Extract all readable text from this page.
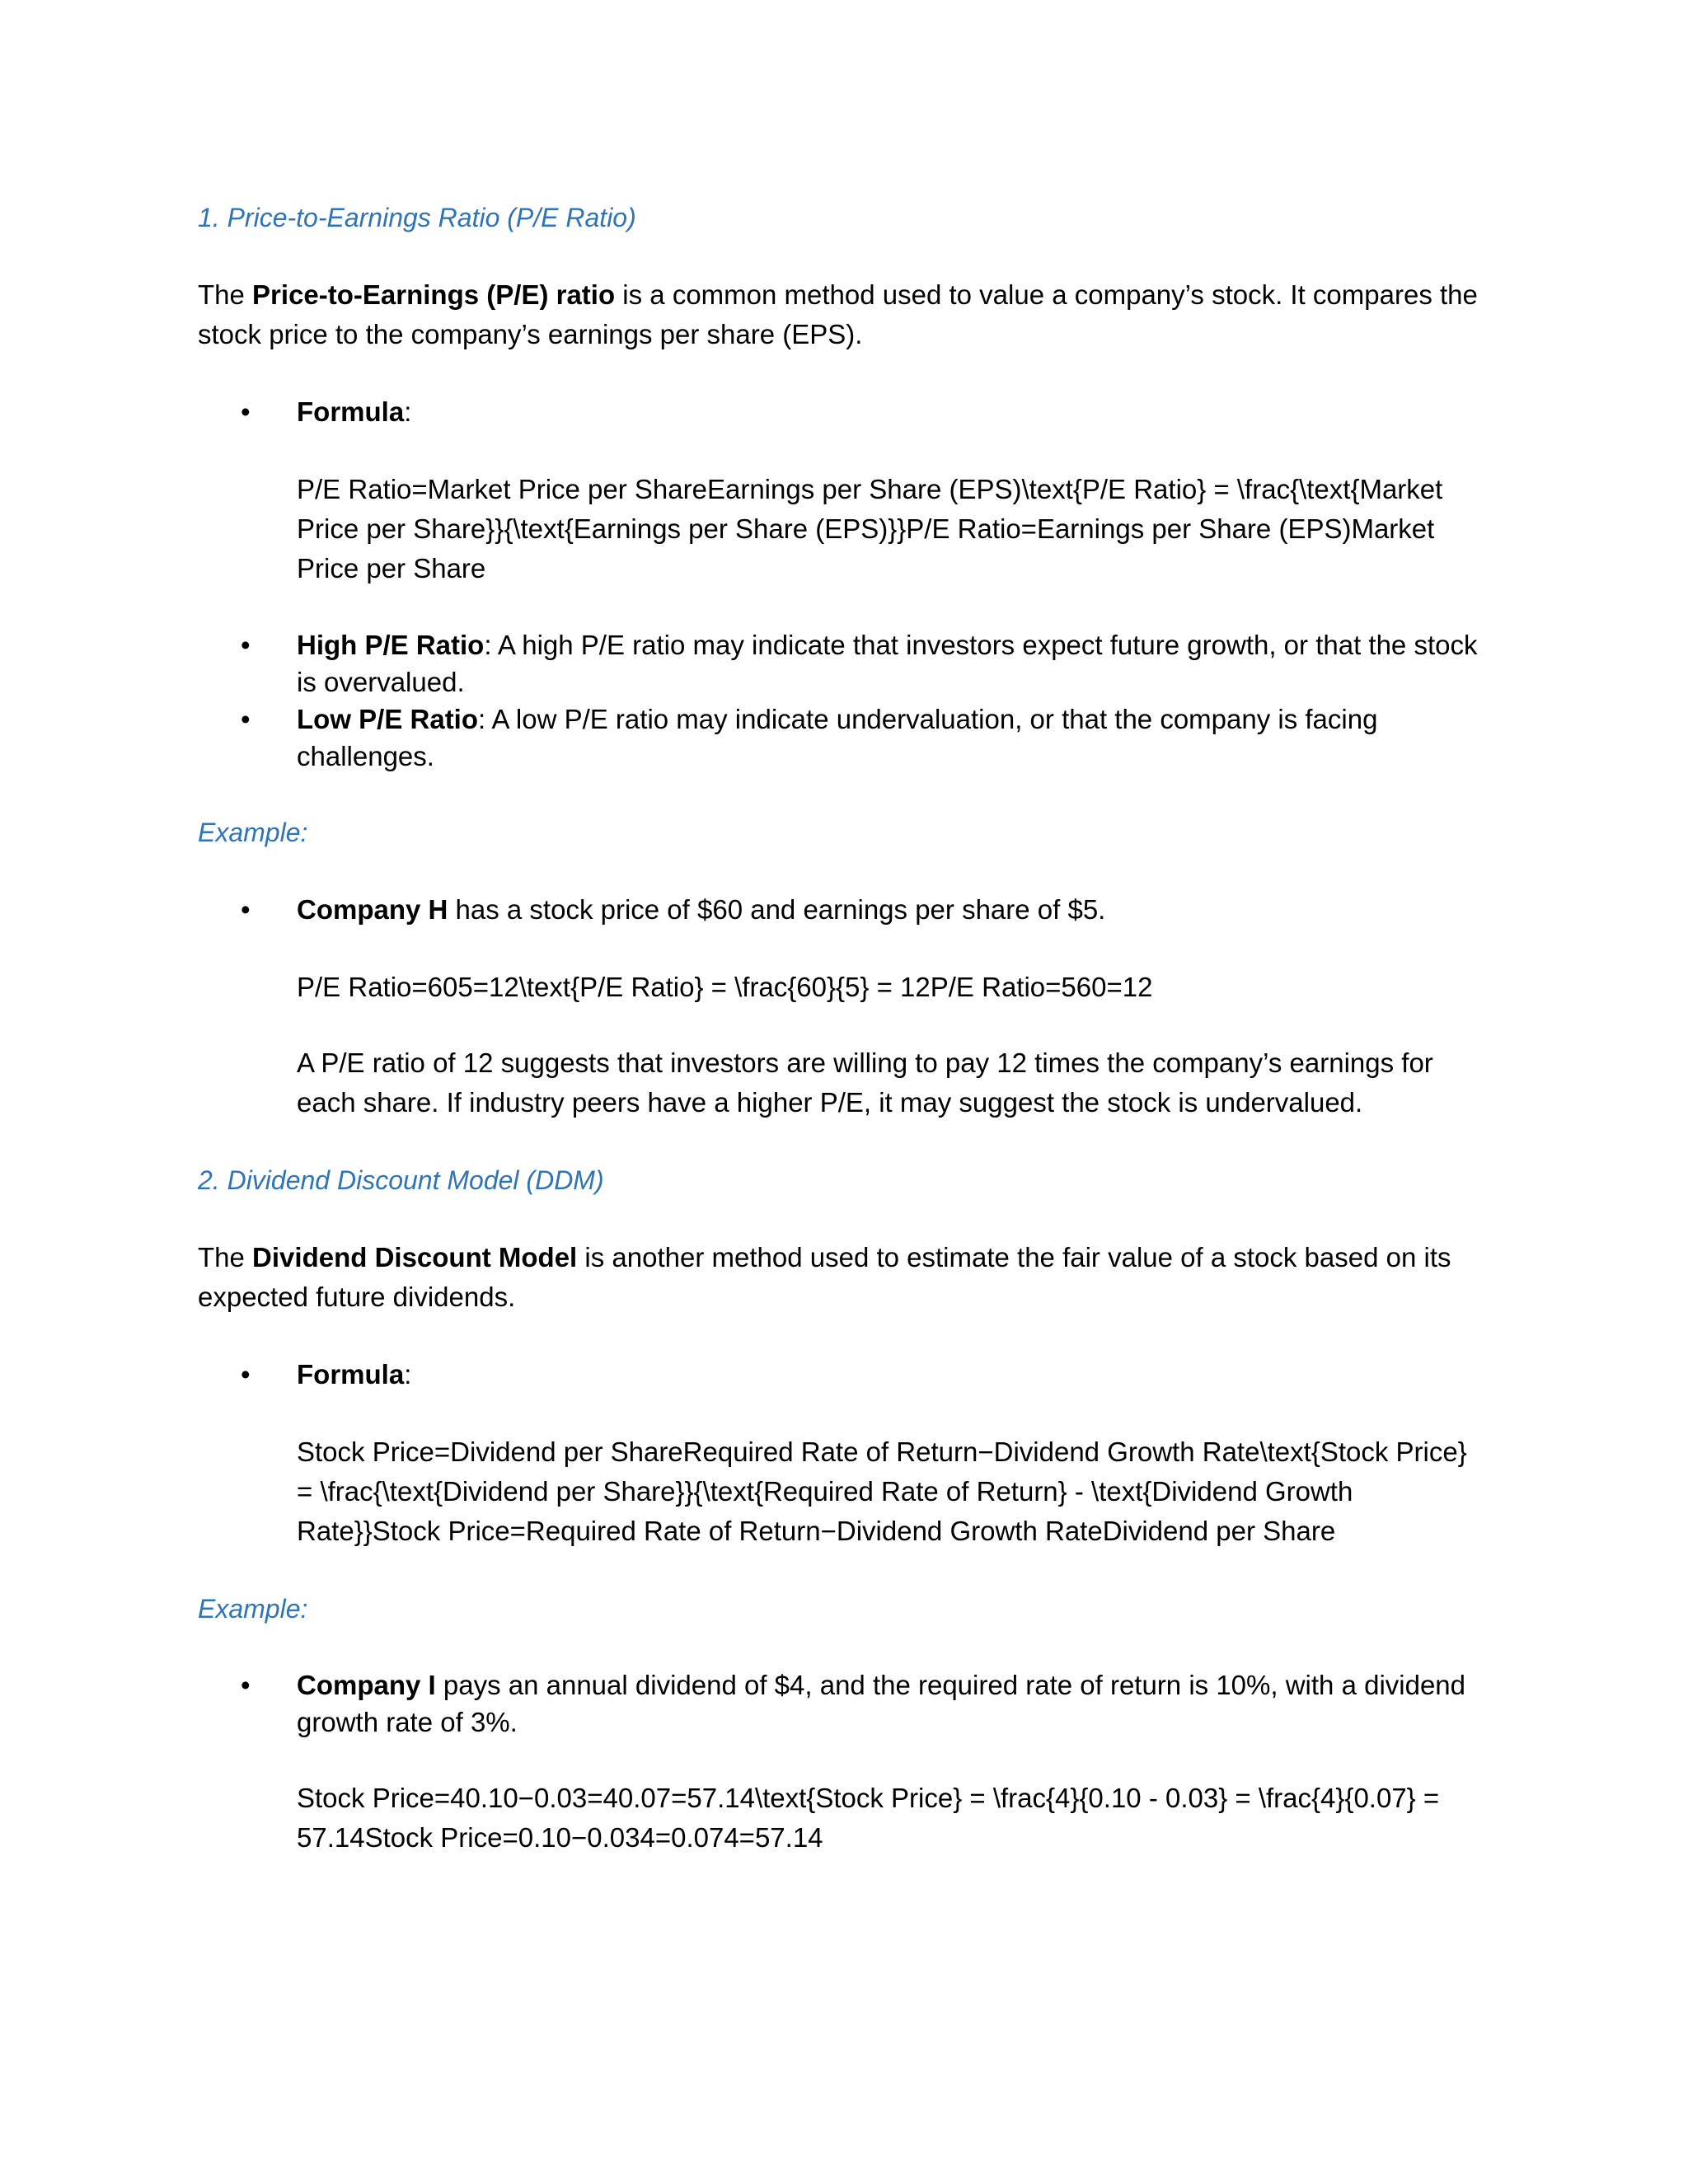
1. Price-to-Earnings Ratio (P/E Ratio)
The Price-to-Earnings (P/E) ratio is a common method used to value a company’s stock. It compares the stock price to the company’s earnings per share (EPS).
•	Formula:
P/E Ratio=Market Price per ShareEarnings per Share (EPS)\text{P/E Ratio} = \frac{\text{Market Price per Share}}{\text{Earnings per Share (EPS)}}P/E Ratio=Earnings per Share (EPS)Market Price per Share
•	High P/E Ratio: A high P/E ratio may indicate that investors expect future growth, or that the stock is overvalued.
•	Low P/E Ratio: A low P/E ratio may indicate undervaluation, or that the company is facing challenges.
Example:
•	Company H has a stock price of $60 and earnings per share of $5.
P/E Ratio=605=12\text{P/E Ratio} = \frac{60}{5} = 12P/E Ratio=560=12
A P/E ratio of 12 suggests that investors are willing to pay 12 times the company’s earnings for each share. If industry peers have a higher P/E, it may suggest the stock is undervalued.
2. Dividend Discount Model (DDM)
The Dividend Discount Model is another method used to estimate the fair value of a stock based on its expected future dividends.
•	Formula:
Stock Price=Dividend per ShareRequired Rate of Return−Dividend Growth Rate\text{Stock Price} = \frac{\text{Dividend per Share}}{\text{Required Rate of Return} - \text{Dividend Growth Rate}}Stock Price=Required Rate of Return−Dividend Growth RateDividend per Share
Example:
•	Company I pays an annual dividend of $4, and the required rate of return is 10%, with a dividend growth rate of 3%.
Stock Price=40.10−0.03=40.07=57.14\text{Stock Price} = \frac{4}{0.10 - 0.03} = \frac{4}{0.07} = 57.14Stock Price=0.10−0.034=0.074=57.14
